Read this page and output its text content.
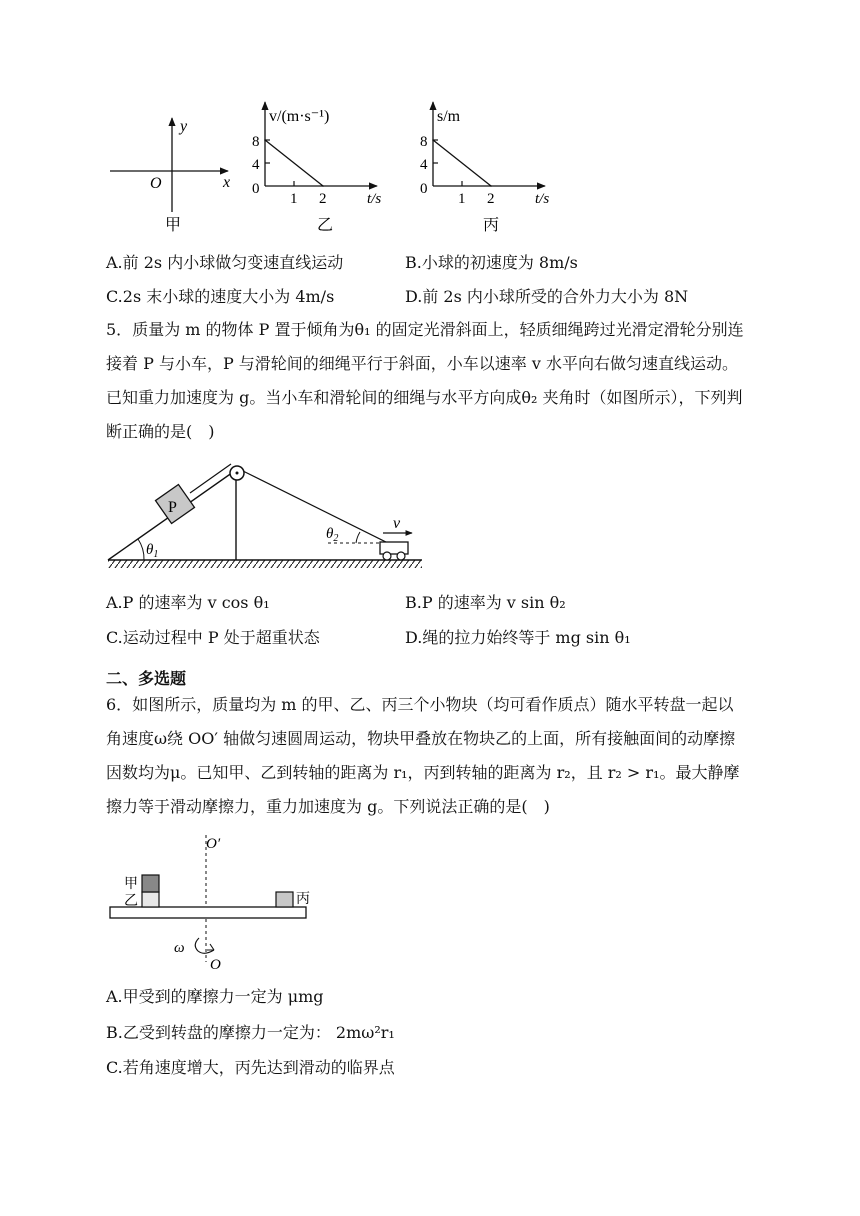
y
x
O
甲
v/(m·s⁻¹)
8
4
0
1 2	t/s
乙
s/m
8
4
0
1 2	t/s
丙
A.前 2s 内小球做匀变速直线运动	B.小球的初速度为 8m/s
C.2s 末小球的速度大小为 4m/s	D.前 2s 内小球所受的合外力大小为 8N
5．质量为 m 的物体 P 置于倾角为θ₁ 的固定光滑斜面上，轻质细绳跨过光滑定滑轮分别连接着 P 与小车，P 与滑轮间的细绳平行于斜面，小车以速率 v 水平向右做匀速直线运动。已知重力加速度为 g。当小车和滑轮间的细绳与水平方向成θ₂ 夹角时（如图所示），下列判断正确的是(　)
P
$\theta_1$
$\theta_2$
v
A.P 的速率为 v cos θ₁	B.P 的速率为 v sin θ₂
C.运动过程中 P 处于超重状态	D.绳的拉力始终等于 mg sin θ₁
二、多选题
6．如图所示，质量均为 m 的甲、乙、丙三个小物块（均可看作质点）随水平转盘一起以角速度ω绕 OO′ 轴做匀速圆周运动，物块甲叠放在物块乙的上面，所有接触面间的动摩擦因数均为μ。已知甲、乙到转轴的距离为 r₁，丙到转轴的距离为 r₂，且 r₂ > r₁。最大静摩擦力等于滑动摩擦力，重力加速度为 g。下列说法正确的是(　)
O′
甲
乙	丙
ω
O
A.甲受到的摩擦力一定为 μmg
B.乙受到转盘的摩擦力一定为： 2mω²r₁
C.若角速度增大，丙先达到滑动的临界点
